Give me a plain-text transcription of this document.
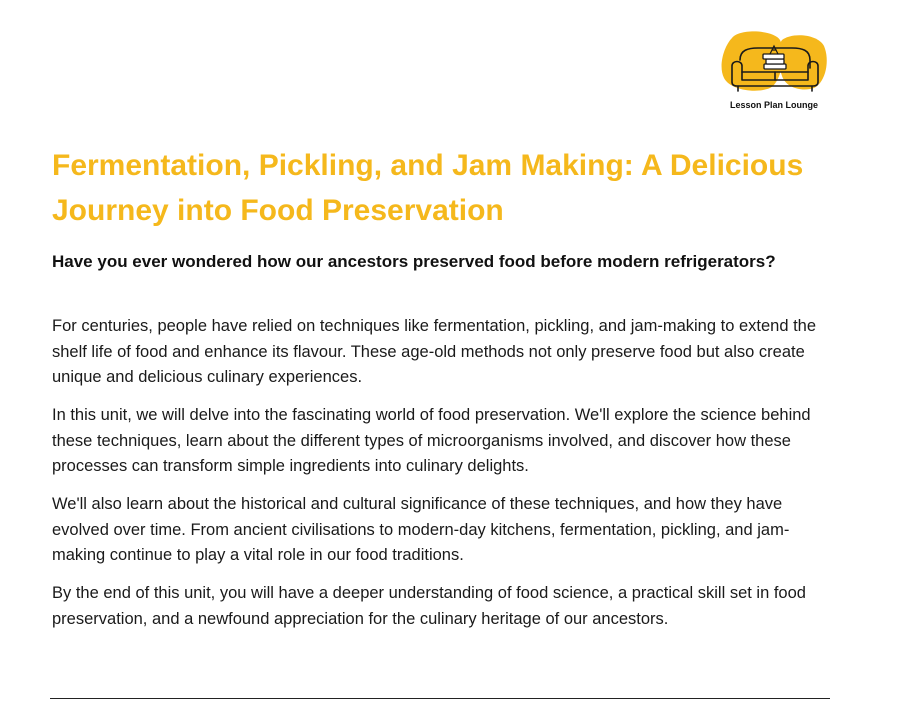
Lesson Plan Lounge
Fermentation, Pickling, and Jam Making: A Delicious Journey into Food Preservation

Have you ever wondered how our ancestors preserved food before modern refrigerators?

For centuries, people have relied on techniques like fermentation, pickling, and jam-making to extend the shelf life of food and enhance its flavour. These age-old methods not only preserve food but also create unique and delicious culinary experiences.

In this unit, we will delve into the fascinating world of food preservation. We'll explore the science behind these techniques, learn about the different types of microorganisms involved, and discover how these processes can transform simple ingredients into culinary delights.

We'll also learn about the historical and cultural significance of these techniques, and how they have evolved over time. From ancient civilisations to modern-day kitchens, fermentation, pickling, and jam-making continue to play a vital role in our food traditions.

By the end of this unit, you will have a deeper understanding of food science, a practical skill set in food preservation, and a newfound appreciation for the culinary heritage of our ancestors.
